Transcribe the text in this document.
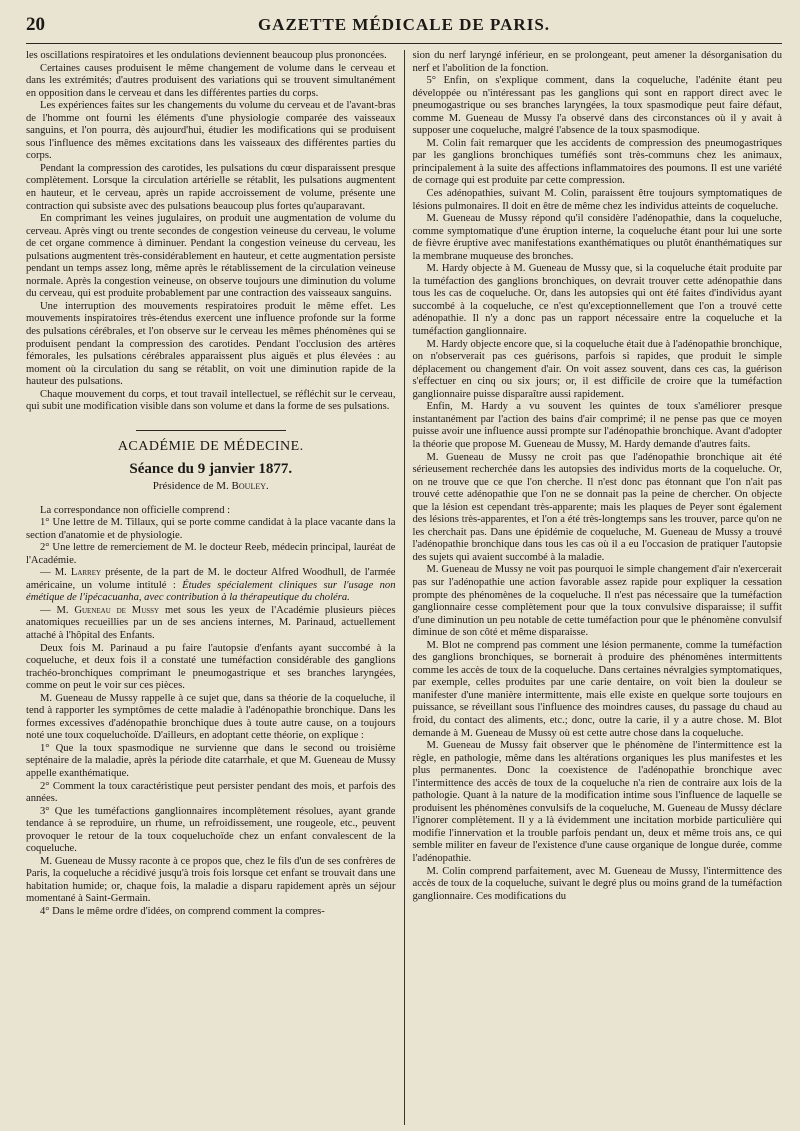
20	GAZETTE MÉDICALE DE PARIS.

les oscillations respiratoires et les ondulations deviennent beaucoup plus prononcées.

Certaines causes produisent le même changement de volume dans le cerveau et dans les extrémités; d'autres produisent des variations qui se trouvent simultanément en opposition dans le cerveau et dans les différentes parties du corps.

Les expériences faites sur les changements du volume du cerveau et de l'avant-bras de l'homme ont fourni les éléments d'une physiologie comparée des vaisseaux sanguins, et l'on pourra, dès aujourd'hui, étudier les modifications qui se produisent sous l'influence des mêmes excitations dans les vaisseaux des différentes parties du corps.

Pendant la compression des carotides, les pulsations du cœur disparaissent presque complètement. Lorsque la circulation artérielle se rétablit, les pulsations augmentent en hauteur, et le cerveau, après un rapide accroissement de volume, présente une contraction qui subsiste avec des pulsations beaucoup plus fortes qu'auparavant.

En comprimant les veines jugulaires, on produit une augmentation de volume du cerveau. Après vingt ou trente secondes de congestion veineuse du cerveau, le volume de cet organe commence à diminuer. Pendant la congestion veineuse du cerveau, les pulsations augmentent très-considérablement en hauteur, et cette augmentation persiste pendant un temps assez long, même après le rétablissement de la circulation veineuse normale. Après la congestion veineuse, on observe toujours une diminution du volume du cerveau, qui est produite probablement par une contraction des vaisseaux sanguins.

Une interruption des mouvements respiratoires produit le même effet. Les mouvements inspiratoires très-étendus exercent une influence profonde sur la forme des pulsations cérébrales, et l'on observe sur le cerveau les mêmes phénomènes qui se produisent pendant la compression des carotides. Pendant l'occlusion des artères fémorales, les pulsations cérébrales apparaissent plus aiguës et plus élevées : au moment où la circulation du sang se rétablit, on voit une diminution rapide de la hauteur des pulsations.

Chaque mouvement du corps, et tout travail intellectuel, se réfléchit sur le cerveau, qui subit une modification visible dans son volume et dans la forme de ses pulsations.

ACADÉMIE DE MÉDECINE.
Séance du 9 janvier 1877.
Présidence de M. Bouley.

La correspondance non officielle comprend :

1° Une lettre de M. Tillaux, qui se porte comme candidat à la place vacante dans la section d'anatomie et de physiologie.

2° Une lettre de remerciement de M. le docteur Reeb, médecin principal, lauréat de l'Académie.

— M. Larrey présente, de la part de M. le docteur Alfred Woodhull, de l'armée américaine, un volume intitulé : Études spécialement cliniques sur l'usage non émétique de l'ipécacuanha, avec contribution à la thérapeutique du choléra.

— M. Gueneau de Mussy met sous les yeux de l'Académie plusieurs pièces anatomiques recueillies par un de ses anciens internes, M. Parinaud, actuellement attaché à l'hôpital des Enfants.

Deux fois M. Parinaud a pu faire l'autopsie d'enfants ayant succombé à la coqueluche, et deux fois il a constaté une tuméfaction considérable des ganglions trachéo-bronchiques comprimant le pneumogastrique et ses branches laryngées, comme on peut le voir sur ces pièces.

M. Gueneau de Mussy rappelle à ce sujet que, dans sa théorie de la coqueluche, il tend à rapporter les symptômes de cette maladie à l'adénopathie bronchique. Dans les formes excessives d'adénopathie bronchique dues à toute autre cause, on a toujours noté une toux coqueluchoïde. D'ailleurs, en adoptant cette théorie, on explique :

1° Que la toux spasmodique ne survienne que dans le second ou troisième septénaire de la maladie, après la période dite catarrhale, et que M. Gueneau de Mussy appelle exanthématique.

2° Comment la toux caractéristique peut persister pendant des mois, et parfois des années.

3° Que les tuméfactions ganglionnaires incomplètement résolues, ayant grande tendance à se reproduire, un rhume, un refroidissement, une rougeole, etc., peuvent provoquer le retour de la toux coqueluchoïde chez un enfant convalescent de la coqueluche.

M. Gueneau de Mussy raconte à ce propos que, chez le fils d'un de ses confrères de Paris, la coqueluche a récidivé jusqu'à trois fois lorsque cet enfant se trouvait dans une habitation humide; or, chaque fois, la maladie a disparu rapidement après un séjour momentané à Saint-Germain.

4° Dans le même ordre d'idées, on comprend comment la compres-

sion du nerf laryngé inférieur, en se prolongeant, peut amener la désorganisation du nerf et l'abolition de la fonction.

5° Enfin, on s'explique comment, dans la coqueluche, l'adénite étant peu développée ou n'intéressant pas les ganglions qui sont en rapport direct avec le pneumogastrique ou ses branches laryngées, la toux spasmodique peut faire défaut, comme M. Gueneau de Mussy l'a observé dans des circonstances où il y avait à supposer une coqueluche, malgré l'absence de la toux spasmodique.

M. Colin fait remarquer que les accidents de compression des pneumogastriques par les ganglions bronchiques tuméfiés sont très-communs chez les animaux, principalement à la suite des affections inflammatoires des poumons. Il est une variété de cornage qui est produite par cette compression.

Ces adénopathies, suivant M. Colin, paraissent être toujours symptomatiques de lésions pulmonaires. Il doit en être de même chez les individus atteints de coqueluche.

M. Gueneau de Mussy répond qu'il considère l'adénopathie, dans la coqueluche, comme symptomatique d'une éruption interne, la coqueluche étant pour lui une sorte de fièvre éruptive avec manifestations exanthématiques ou plutôt énanthématiques sur la membrane muqueuse des bronches.

M. Hardy objecte à M. Gueneau de Mussy que, si la coqueluche était produite par la tuméfaction des ganglions bronchiques, on devrait trouver cette adénopathie dans tous les cas de coqueluche. Or, dans les autopsies qui ont été faites d'individus ayant succombé à la coqueluche, ce n'est qu'exceptionnellement que l'on a trouvé cette adénopathie. Il n'y a donc pas un rapport nécessaire entre la coqueluche et la tuméfaction ganglionnaire.

M. Hardy objecte encore que, si la coqueluche était due à l'adénopathie bronchique, on n'observerait pas ces guérisons, parfois si rapides, que produit le simple déplacement ou changement d'air. On voit assez souvent, dans ces cas, la guérison s'effectuer en cinq ou six jours; or, il est difficile de croire que la tuméfaction ganglionnaire puisse disparaître aussi rapidement.

Enfin, M. Hardy a vu souvent les quintes de toux s'améliorer presque instantanément par l'action des bains d'air comprimé; il ne pense pas que ce moyen puisse avoir une influence aussi prompte sur l'adénopathie bronchique. Avant d'adopter la théorie que propose M. Gueneau de Mussy, M. Hardy demande d'autres faits.

M. Gueneau de Mussy ne croit pas que l'adénopathie bronchique ait été sérieusement recherchée dans les autopsies des individus morts de la coqueluche. Or, on ne trouve que ce que l'on cherche. Il n'est donc pas étonnant que l'on n'ait pas trouvé cette adénopathie que l'on ne se donnait pas la peine de chercher. On objecte que la lésion est cependant très-apparente; mais les plaques de Peyer sont également des lésions très-apparentes, et l'on a été très-longtemps sans les trouver, parce qu'on ne les cherchait pas. Dans une épidémie de coqueluche, M. Gueneau de Mussy a trouvé l'adénopathie bronchique dans tous les cas où il a eu l'occasion de pratiquer l'autopsie des sujets qui avaient succombé à la maladie.

M. Gueneau de Mussy ne voit pas pourquoi le simple changement d'air n'exercerait pas sur l'adénopathie une action favorable assez rapide pour expliquer la cessation prompte des phénomènes de la coqueluche. Il n'est pas nécessaire que la tuméfaction ganglionnaire cesse complètement pour que la toux convulsive disparaisse; il suffit d'une diminution un peu notable de cette tuméfaction pour que le phénomène convulsif diminue de son côté et même disparaisse.

M. Blot ne comprend pas comment une lésion permanente, comme la tuméfaction des ganglions bronchiques, se bornerait à produire des phénomènes intermittents comme les accès de toux de la coqueluche. Dans certaines névralgies symptomatiques, par exemple, celles produites par une carie dentaire, on voit bien la douleur se manifester d'une manière intermittente, mais elle existe en quelque sorte toujours en puissance, se réveillant sous l'influence des moindres causes, du passage du chaud au froid, du contact des aliments, etc.; donc, outre la carie, il y a autre chose. M. Blot demande à M. Gueneau de Mussy où est cette autre chose dans la coqueluche.

M. Gueneau de Mussy fait observer que le phénomène de l'intermittence est la règle, en pathologie, même dans les altérations organiques les plus manifestes et les plus permanentes. Donc la coexistence de l'adénopathie bronchique avec l'intermittence des accès de toux de la coqueluche n'a rien de contraire aux lois de la pathologie. Quant à la nature de la modification intime sous l'influence de laquelle se produisent les phénomènes convulsifs de la coqueluche, M. Gueneau de Mussy déclare l'ignorer complètement. Il y a là évidemment une incitation morbide particulière qui modifie l'innervation et la trouble parfois pendant un, deux et même trois ans, ce qui semble militer en faveur de l'existence d'une cause organique de longue durée, comme l'adénopathie.

M. Colin comprend parfaitement, avec M. Gueneau de Mussy, l'intermittence des accès de toux de la coqueluche, suivant le degré plus ou moins grand de la tuméfaction ganglionnaire. Ces modifications du
